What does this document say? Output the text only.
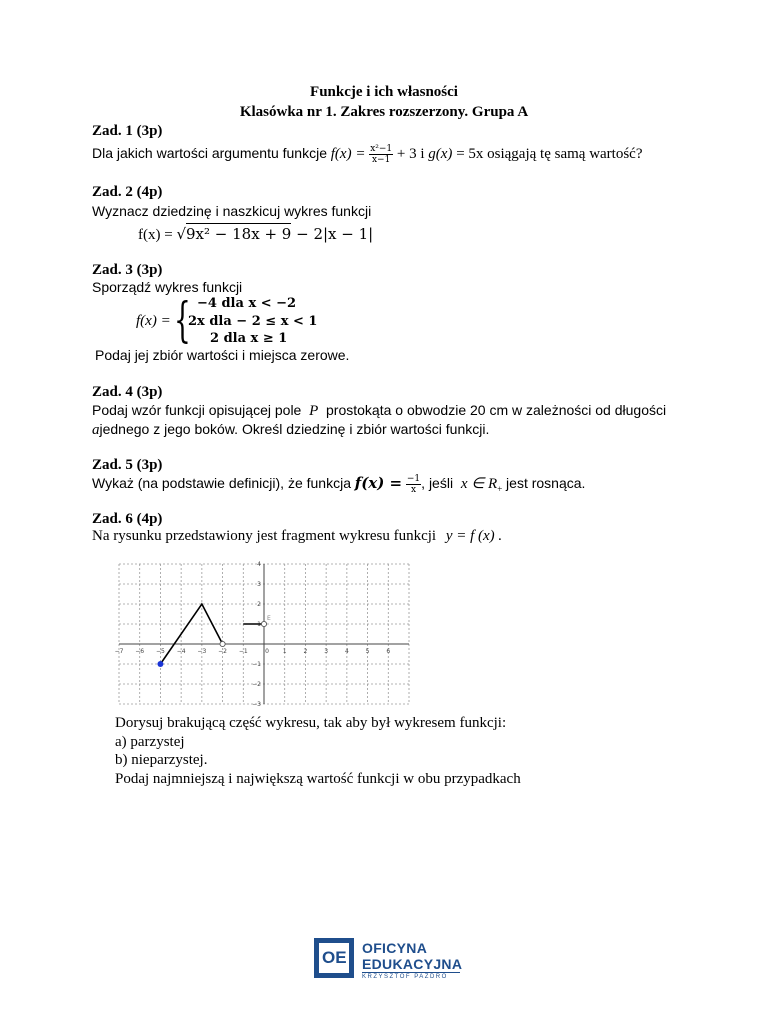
Funkcje i ich własności
Klasówka nr 1. Zakres rozszerzony. Grupa A
Zad. 1 (3p)
Dla jakich wartości argumentu funkcje $f(x) = \frac{\text{x²−1}}{x-1} + 3$ i g(x) = 5x osiągają tę samą wartość?
Zad. 2 (4p)
Wyznacz dziedzinę i naszkicuj wykres funkcji
f(x) = √9x² − 18x + 9 − 2|x − 1|
Zad. 3 (3p)
Sporządź wykres funkcji
f(x) = { −4 dla x < −2
2x dla − 2 ≤ x < 1
2 dla x ≥ 1
Podaj jej zbiór wartości i miejsca zerowe.
Zad. 4 (3p)
Podaj wzór funkcji opisującej pole P prostokąta o obwodzie 20 cm w zależności od długości
ajednego z jego boków. Określ dziedzinę i zbiór wartości funkcji.
Zad. 5 (3p)
Wykaż (na podstawie definicji), że funkcja $f(x) = \frac{-1}{x}$ , jeśli x ∈ $R_+$ jest rosnąca.
Zad. 6 (4p)
Na rysunku przedstawiony jest fragment wykresu funkcji y = f (x) .
−7 −6 −5 −4 −3 −2 −1	0 1	2	3	4	5	6
4
3
2
1
−1
−2
−3
E
Dorysuj brakującą część wykresu, tak aby był wykresem funkcji:
a) parzystej
b) nieparzystej.
Podaj najmniejszą i największą wartość funkcji w obu przypadkach
OE OFICYNA
EDUKACYJNA
KRZYSZTOF PAZDRO
